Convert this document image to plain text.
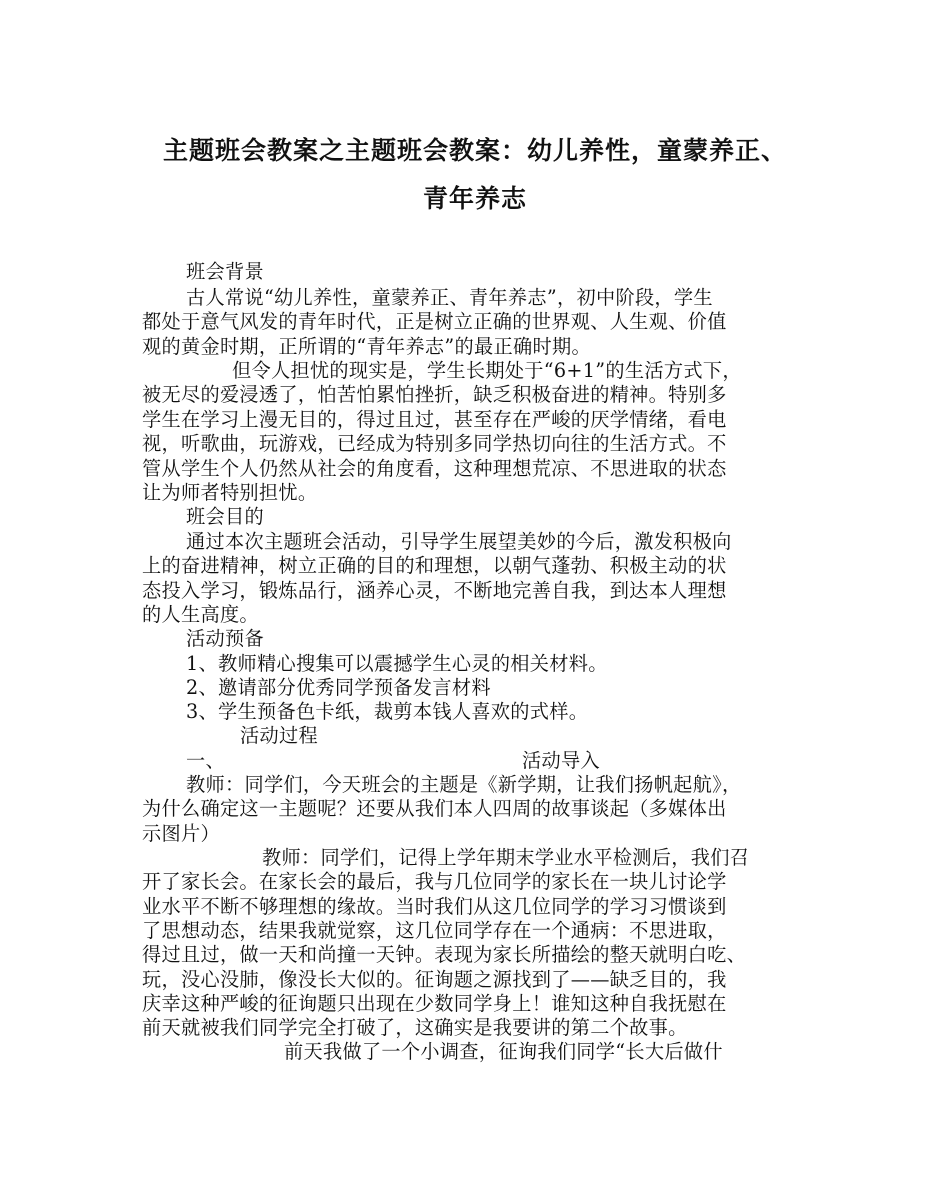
主题班会教案之主题班会教案：幼儿养性，童蒙养正、
青年养志
班会背景
古人常说“幼儿养性，童蒙养正、青年养志”，初中阶段，学生
都处于意气风发的青年时代，正是树立正确的世界观、人生观、价值
观的黄金时期，正所谓的“青年养志”的最正确时期。
但令人担忧的现实是，学生长期处于“6+1”的生活方式下，
被无尽的爱浸透了，怕苦怕累怕挫折，缺乏积极奋进的精神。特别多
学生在学习上漫无目的，得过且过，甚至存在严峻的厌学情绪，看电
视，听歌曲，玩游戏，已经成为特别多同学热切向往的生活方式。不
管从学生个人仍然从社会的角度看，这种理想荒凉、不思进取的状态
让为师者特别担忧。
班会目的
通过本次主题班会活动，引导学生展望美妙的今后，激发积极向
上的奋进精神，树立正确的目的和理想，以朝气蓬勃、积极主动的状
态投入学习，锻炼品行，涵养心灵，不断地完善自我，到达本人理想
的人生高度。
活动预备
1、教师精心搜集可以震撼学生心灵的相关材料。
2、邀请部分优秀同学预备发言材料
3、学生预备色卡纸，裁剪本钱人喜欢的式样。
活动过程
一、	活动导入
教师：同学们，今天班会的主题是《新学期，让我们扬帆起航》，
为什么确定这一主题呢？还要从我们本人四周的故事谈起（多媒体出
示图片）
教师：同学们，记得上学年期末学业水平检测后，我们召
开了家长会。在家长会的最后，我与几位同学的家长在一块儿讨论学
业水平不断不够理想的缘故。当时我们从这几位同学的学习习惯谈到
了思想动态，结果我就觉察，这几位同学存在一个通病：不思进取，
得过且过，做一天和尚撞一天钟。表现为家长所描绘的整天就明白吃、
玩，没心没肺，像没长大似的。征询题之源找到了——缺乏目的，我
庆幸这种严峻的征询题只出现在少数同学身上！谁知这种自我抚慰在
前天就被我们同学完全打破了，这确实是我要讲的第二个故事。
前天我做了一个小调查，征询我们同学“长大后做什
